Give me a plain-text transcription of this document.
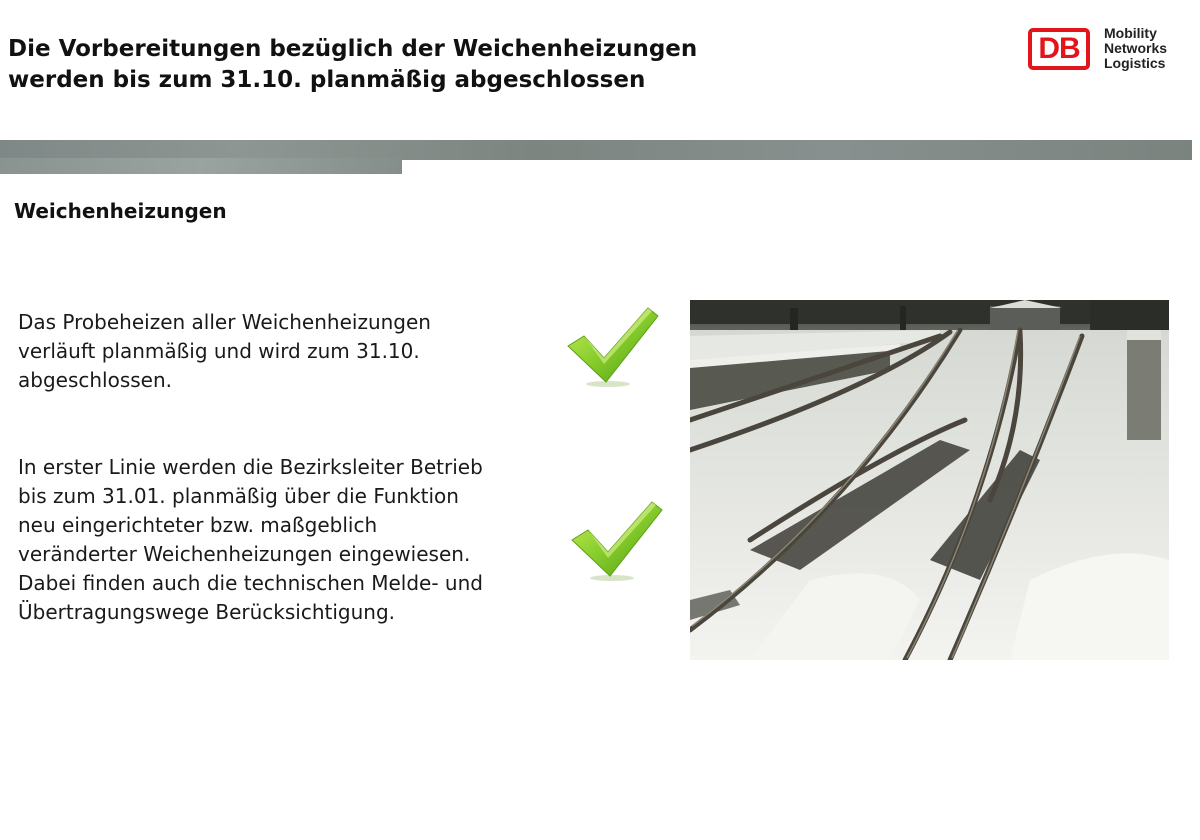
Die Vorbereitungen bezüglich der Weichenheizungen
werden bis zum 31.10. planmäßig abgeschlossen
DB	Mobility
Networks
Logistics
Weichenheizungen
Das Probeheizen aller Weichenheizungen
verläuft planmäßig und wird zum 31.10.
abgeschlossen.
In erster Linie werden die Bezirksleiter Betrieb
bis zum 31.01. planmäßig über die Funktion
neu eingerichteter bzw. maßgeblich
veränderter Weichenheizungen eingewiesen.
Dabei finden auch die technischen Melde- und
Übertragungswege Berücksichtigung.
